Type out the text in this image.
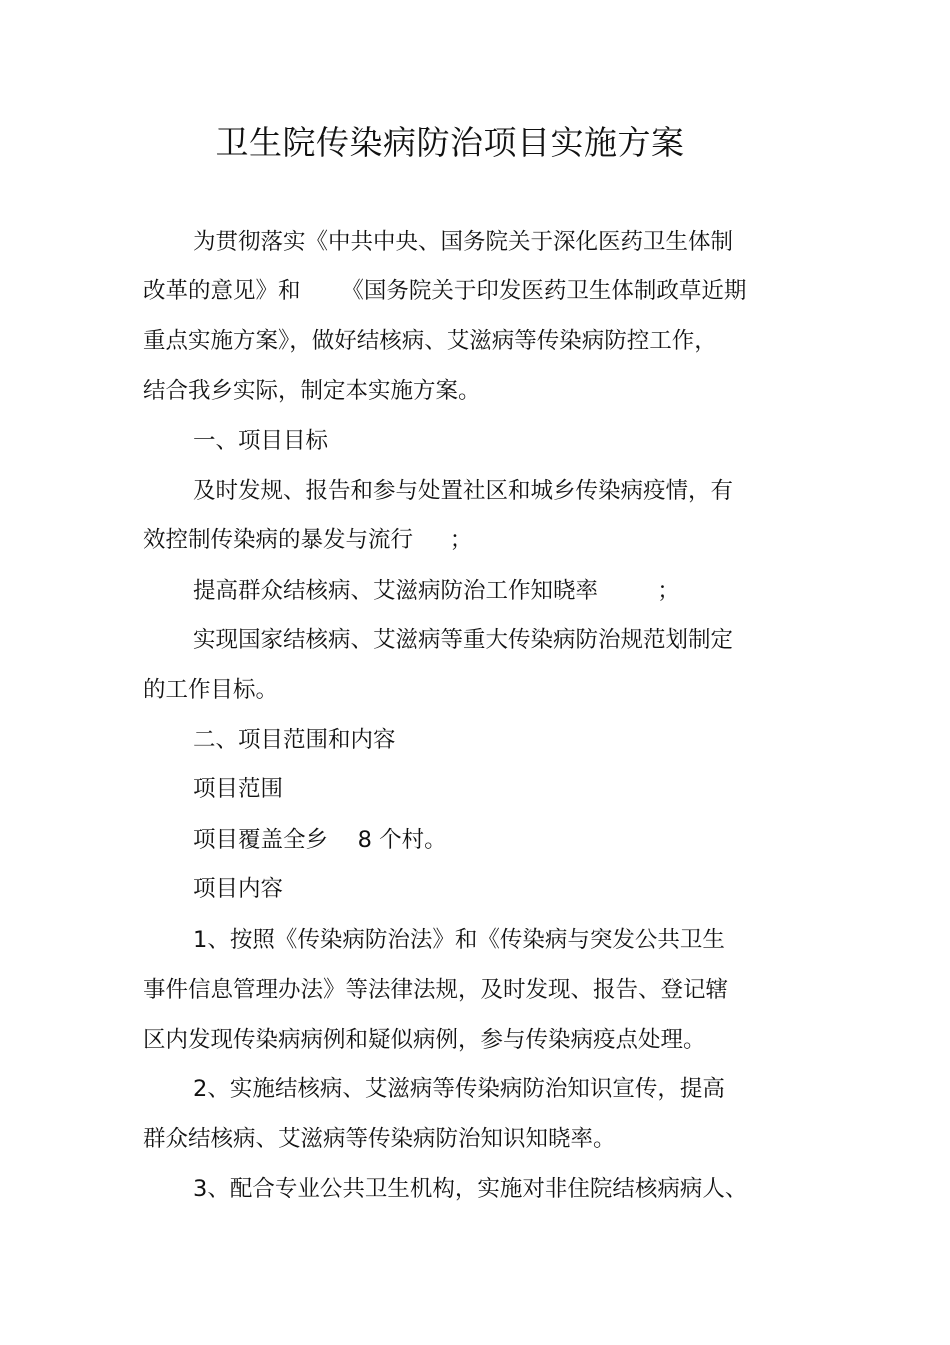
卫生院传染病防治项目实施方案
为贯彻落实《中共中央、国务院关于深化医药卫生体制
改革的意见》和 　　《国务院关于印发医药卫生体制政草近期
重点实施方案》，做好结核病、艾滋病等传染病防控工作，
结合我乡实际，制定本实施方案。
一、项目目标
及时发规、报告和参与处置社区和城乡传染病疫情，有
效控制传染病的暴发与流行 　 ；
提高群众结核病、艾滋病防治工作知晓率 　　 ；
实现国家结核病、艾滋病等重大传染病防治规范划制定
的工作目标。
二、项目范围和内容
项目范围
项目覆盖全乡 　8 个村。
项目内容
1、按照《传染病防治法》和《传染病与突发公共卫生
事件信息管理办法》等法律法规，及时发现、报告、登记辖
区内发现传染病病例和疑似病例，参与传染病疫点处理。
2、实施结核病、艾滋病等传染病防治知识宣传，提高
群众结核病、艾滋病等传染病防治知识知晓率。
3、配合专业公共卫生机构，实施对非住院结核病病人、
